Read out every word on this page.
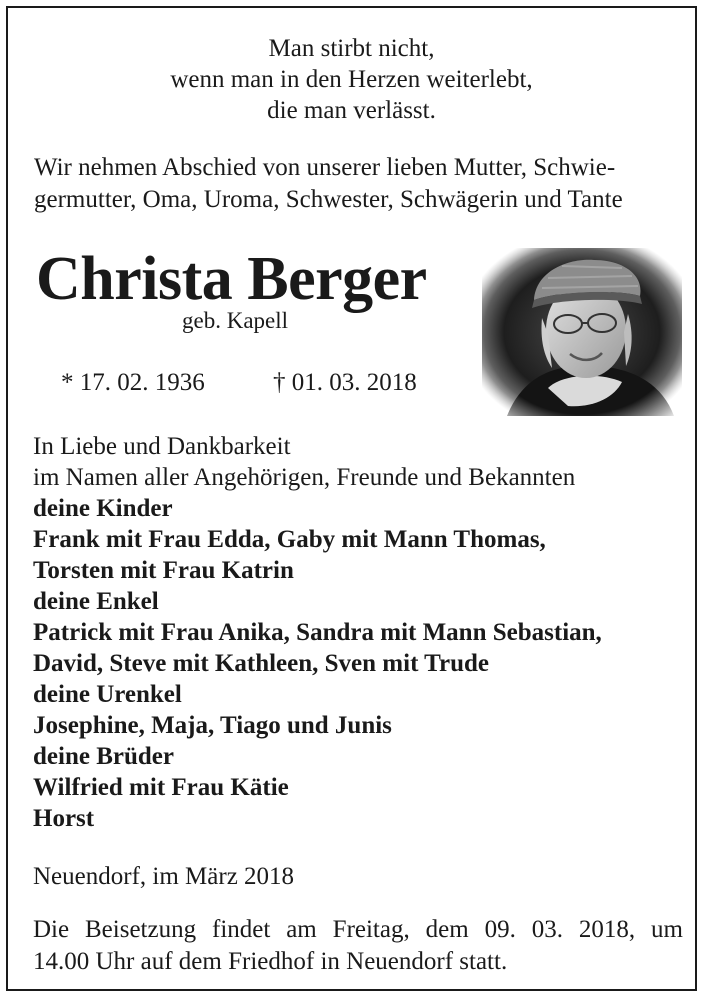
Man stirbt nicht,
wenn man in den Herzen weiterlebt,
die man verlässt.
Wir nehmen Abschied von unserer lieben Mutter, Schwie-
germutter, Oma, Uroma, Schwester, Schwägerin und Tante
Christa Berger
geb. Kapell
* 17. 02. 1936	† 01. 03. 2018
In Liebe und Dankbarkeit
im Namen aller Angehörigen, Freunde und Bekannten
deine Kinder
Frank mit Frau Edda, Gaby mit Mann Thomas,
Torsten mit Frau Katrin
deine Enkel
Patrick mit Frau Anika, Sandra mit Mann Sebastian,
David, Steve mit Kathleen, Sven mit Trude
deine Urenkel
Josephine, Maja, Tiago und Junis
deine Brüder
Wilfried mit Frau Kätie
Horst
Neuendorf, im März 2018
Die Beisetzung findet am Freitag, dem 09. 03. 2018, um
14.00 Uhr auf dem Friedhof in Neuendorf statt.
